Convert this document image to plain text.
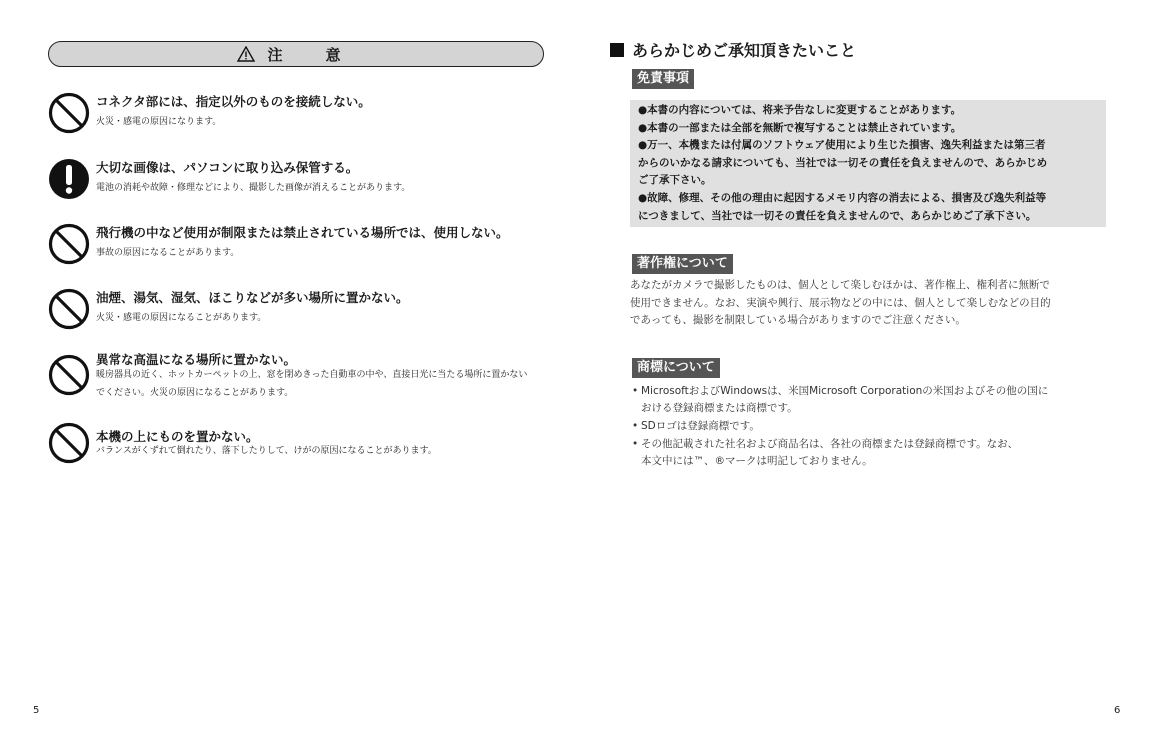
注　意
コネクタ部には、指定以外のものを接続しない。
火災・感電の原因になります。
大切な画像は、パソコンに取り込み保管する。
電池の消耗や故障・修理などにより、撮影した画像が消えることがあります。
飛行機の中など使用が制限または禁止されている場所では、使用しない。
事故の原因になることがあります。
油煙、湯気、湿気、ほこりなどが多い場所に置かない。
火災・感電の原因になることがあります。
異常な高温になる場所に置かない。
暖房器具の近く、ホットカーペットの上、窓を閉めきった自動車の中や、直接日光に当たる場所に置かないでください。火災の原因になることがあります。
本機の上にものを置かない。
バランスがくずれて倒れたり、落下したりして、けがの原因になることがあります。
5
あらかじめご承知頂きたいこと
免責事項
●本書の内容については、将来予告なしに変更することがあります。
●本書の一部または全部を無断で複写することは禁止されています。
●万一、本機または付属のソフトウェア使用により生じた損害、逸失利益または第三者
からのいかなる請求についても、当社では一切その責任を負えませんので、あらかじめ
ご了承下さい。
●故障、修理、その他の理由に起因するメモリ内容の消去による、損害及び逸失利益等
につきまして、当社では一切その責任を負えませんので、あらかじめご了承下さい。
著作権について
あなたがカメラで撮影したものは、個人として楽しむほかは、著作権上、権利者に無断で
使用できません。なお、実演や興行、展示物などの中には、個人として楽しむなどの目的
であっても、撮影を制限している場合がありますのでご注意ください。
商標について
• MicrosoftおよびWindowsは、米国Microsoft Corporationの米国およびその他の国に
おける登録商標または商標です。
• SDロゴは登録商標です。
• その他記載された社名および商品名は、各社の商標または登録商標です。なお、
本文中には™、®マークは明記しておりません。
6
